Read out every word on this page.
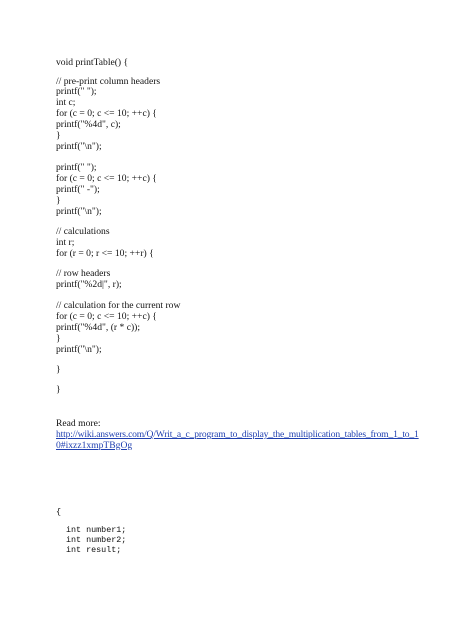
void printTable() {
// pre-print column headers
printf(" ");
int c;
for (c = 0; c <= 10; ++c) {
printf("%4d", c);
}
printf("\n");
printf(" ");
for (c = 0; c <= 10; ++c) {
printf(" -");
}
printf("\n");
// calculations
int r;
for (r = 0; r <= 10; ++r) {
// row headers
printf("%2d|", r);
// calculation for the current row
for (c = 0; c <= 10; ++c) {
printf("%4d", (r * c));
}
printf("\n");
}
}
Read more:
http://wiki.answers.com/Q/Writ_a_c_program_to_display_the_multiplication_tables_from_1_to_1
0#ixzz1xmpTBgOg
{
int number1;
int number2;
int result;
